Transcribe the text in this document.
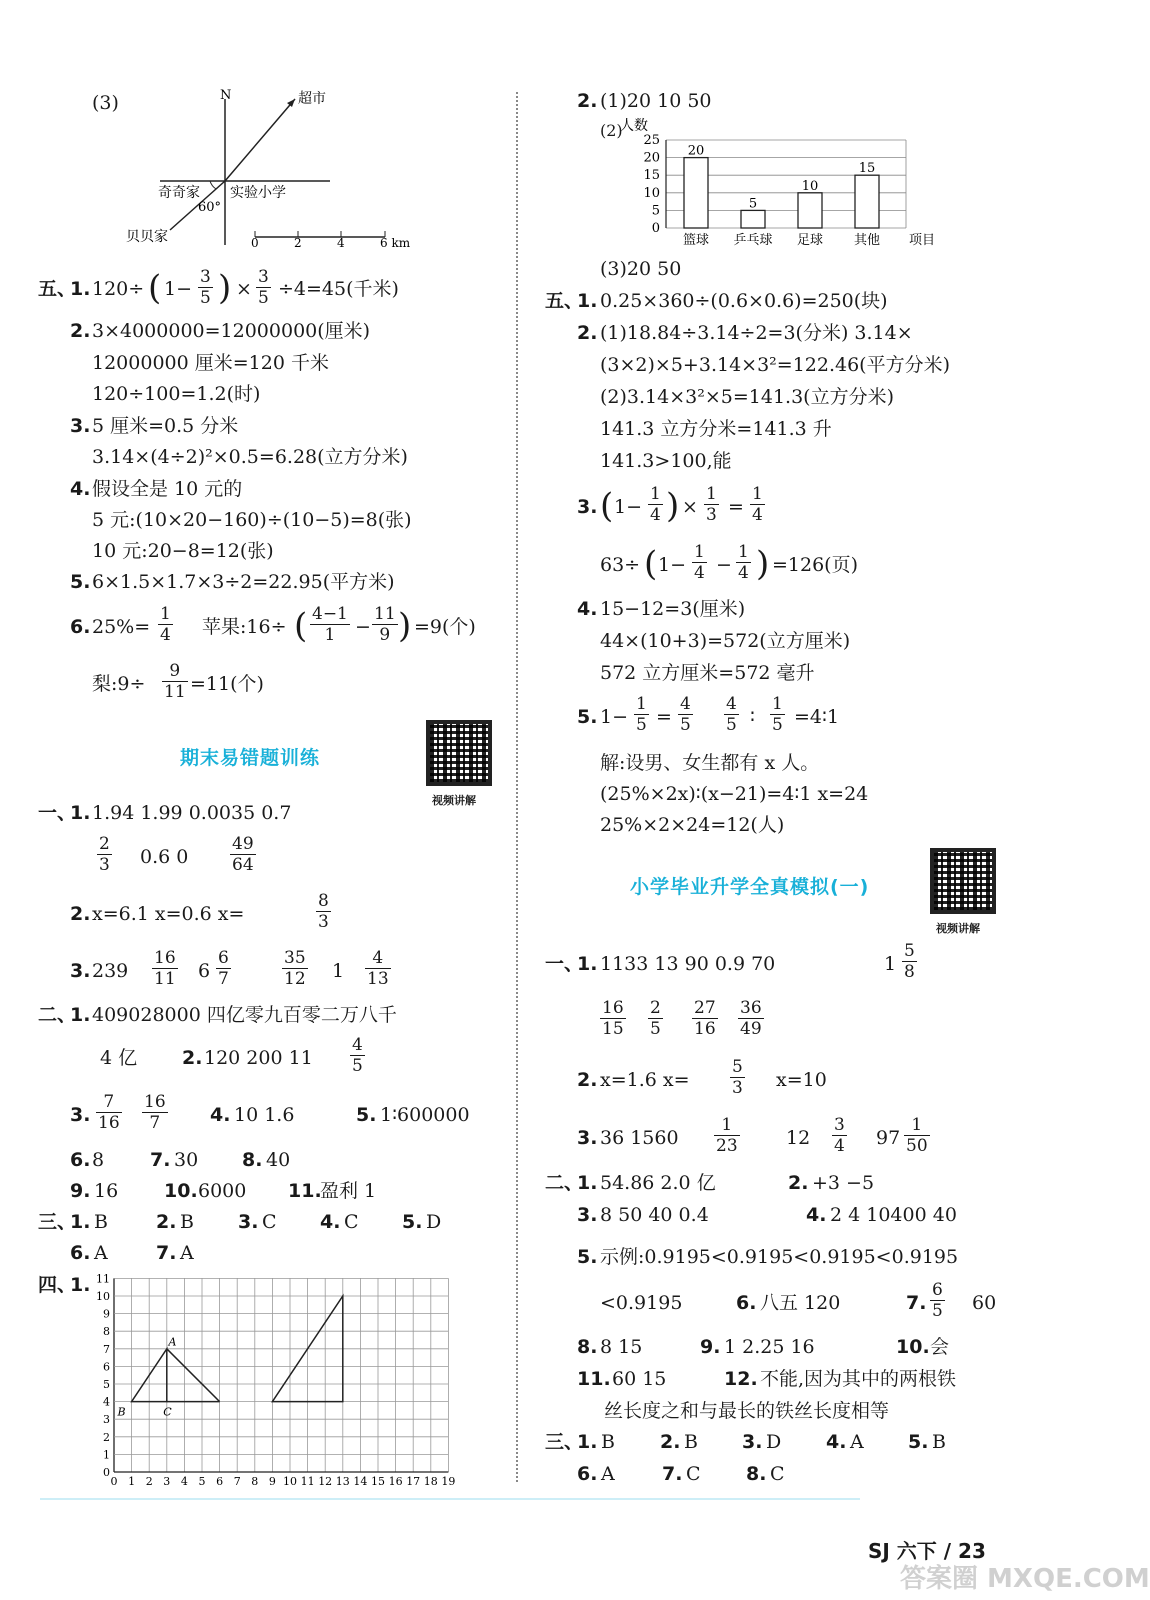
(3)	N	超市
奇奇家 实验小学
60°
贝贝家	0	2	4	6 km
五、
1. 120÷ ( $1- \frac{3}{5}$ ) × $\frac{3}{5} \div 4=45$(千米)
2. 3×4000000=12000000(厘米)
12000000 厘米=120 千米
120÷100=1.2(时)
3. 5 厘米=0.5 分米
3.14×(4÷2)²×0.5=6.28(立方分米)
4. 假设全是 10 元的
5 元:(10×20−160)÷(10−5)=8(张)
10 元:20−8=12(张)
5. 6×1.5×1.7×3÷2=22.95(平方米)
6. $25\%= \frac{1}{4}$ 苹果:16÷ ( $\frac{4-1}{1} - \frac{11}{9}$ ) =9(个)
梨:9÷ $\frac{9}{11} =11$(个)
期末易错题训练
视频讲解
一、
1. 1.94 1.99 0.0035 0.7
$\frac{2}{3} 0.6$ $0 \frac{49}{64}$
2. x=6.1 x=0.6 x=	$\frac{8}{3}$
3. $239 \frac{16}{11} 6 \frac{6}{7}$	$\frac{35}{12} 1 \frac{4}{13}$
二、
1. 409028000 四亿零九百零二万八千
4 亿 2. 120 200 $11 \frac{4}{5}$
3. $\frac{7}{16} \frac{16}{7} 4$. 10 1.6	5. 1∶600000
6. 8 7. 30 8. 40
9. 16 10. 6000 11.
盈利 1
三、
1. B	2. B 3. C 4. C 5. D
6. A	7. A
四、
1.
0 1 2 3 4 5 6 7 8 9 10 11 12 13 14 15 16 17 18 19
0
1
2
3
4
5
6
7
8
9
10
11
A
B	C
2. (1)20 10 50
(2)
人数
0
5
10
15
20
25
20
篮球
5
乒乓球
10
足球
15
其他 项目
(3)20 50
五、
1. 0.25×360÷(0.6×0.6)=250(块)
2. (1)18.84÷3.14÷2=3(分米) 3.14×
(3×2)×5+3.14×3²=122.46(平方分米)
(2)3.14×3²×5=141.3(立方分米)
141.3 立方分米=141.3 升
141.3>100,能
3. ( $1- \frac{1}{4}$ ) × $\frac{1}{3} = \frac{1}{4}$
63÷ ( $1- \frac{1}{4} - \frac{1}{4}$ ) =126(页)
4. 15−12=3(厘米)
44×(10+3)=572(立方厘米)
572 立方厘米=572 毫升
5. $1- \frac{1}{5} = \frac{4}{5} \frac{4}{5}$ ∶ $\frac{1}{5}$ =4∶1
解:设男、女生都有 x 人。
(25%×2x)∶(x−21)=4∶1 x=24
25%×2×24=12(人)
小学毕业升学全真模拟(一)
视频讲解
一、
1. 1133 13 90 0.9 70	$1 \frac{5}{8}$
$\frac{16}{15} \frac{2}{5} \frac{27}{16} \frac{36}{49}$
2. x=1.6 $x= \frac{5}{3} x=10$
3. 36 $1560 \frac{1}{23} 12 \frac{3}{4} 97 \frac{1}{50}$
二、
1. 54.86 2.0 亿	2. +3 −5
3. 8 50 40 0.4	4. 2 4 10400 40
5. 示例:0.9195<0.9195<0.9195<0.9195
<0.9195	6. 八五 120	7. $\frac{6}{5} 60$
8. 8 15	9. 1 2.25 16	10. 会
11. 60 15	12. 不能,因为其中的两根铁
丝长度之和与最长的铁丝长度相等
三、
1. B 2. B 3. D 4. A 5. B
6. A 7. C 8. C
SJ 六下 / 23
答案圈 MXQE.COM
